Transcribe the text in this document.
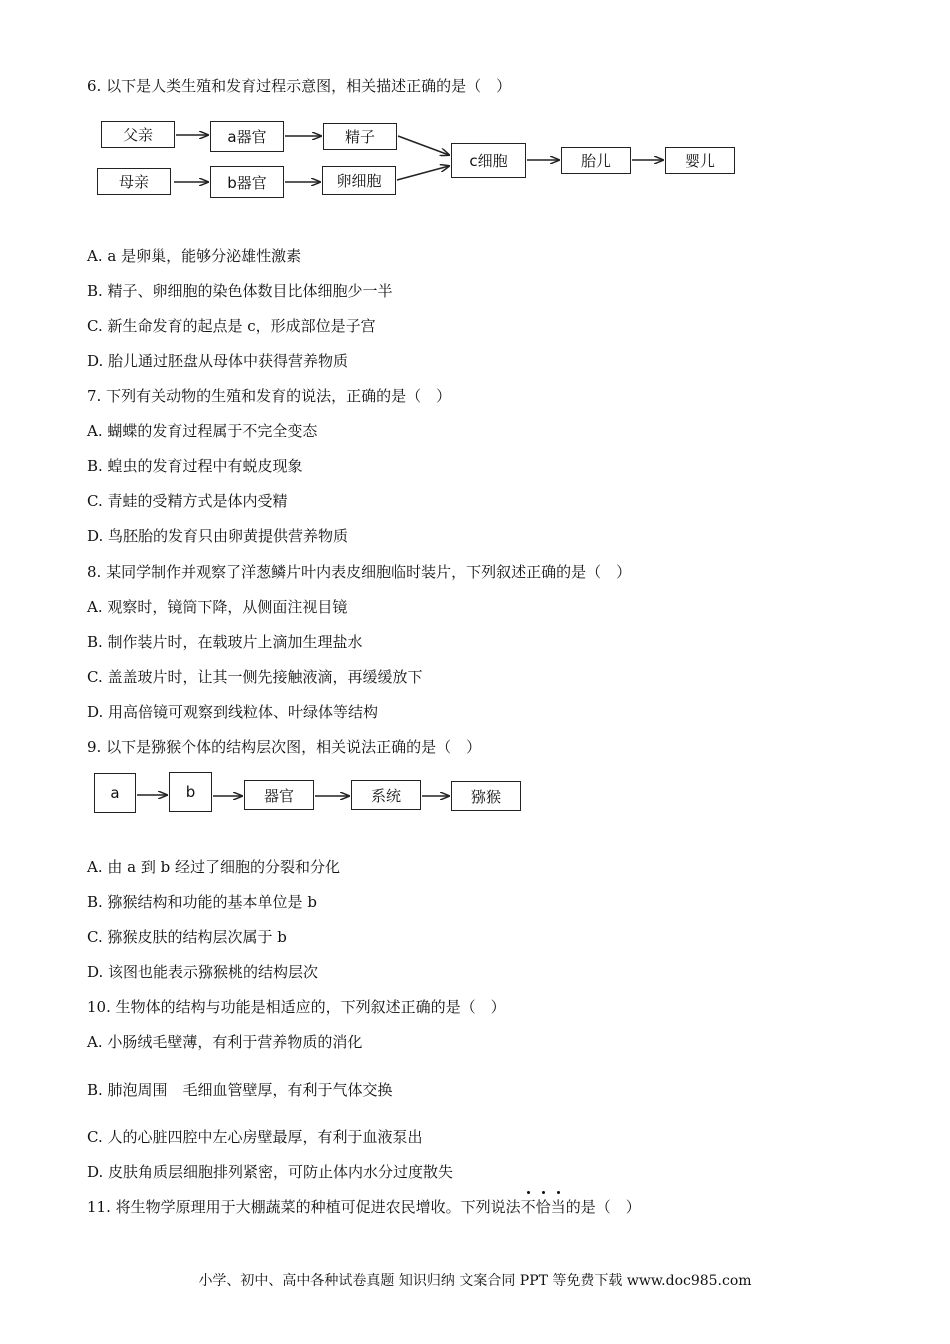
6. 以下是人类生殖和发育过程示意图，相关描述正确的是（　）
父亲	a器官	精子
母亲	b器官	卵细胞
c细胞	胎儿	婴儿
A. a 是卵巢，能够分泌雄性激素
B. 精子、卵细胞的染色体数目比体细胞少一半
C. 新生命发育的起点是 c，形成部位是子宫
D. 胎儿通过胚盘从母体中获得营养物质
7. 下列有关动物的生殖和发育的说法，正确的是（　）
A. 蝴蝶的发育过程属于不完全变态
B. 蝗虫的发育过程中有蜕皮现象
C. 青蛙的受精方式是体内受精
D. 鸟胚胎的发育只由卵黄提供营养物质
8. 某同学制作并观察了洋葱鳞片叶内表皮细胞临时装片，下列叙述正确的是（　）
A. 观察时，镜筒下降，从侧面注视目镜
B. 制作装片时，在载玻片上滴加生理盐水
C. 盖盖玻片时，让其一侧先接触液滴，再缓缓放下
D. 用高倍镜可观察到线粒体、叶绿体等结构
9. 以下是猕猴个体的结构层次图，相关说法正确的是（　）
a	b	器官	系统	猕猴
A. 由 a 到 b 经过了细胞的分裂和分化
B. 猕猴结构和功能的基本单位是 b
C. 猕猴皮肤的结构层次属于 b
D. 该图也能表示猕猴桃的结构层次
10. 生物体的结构与功能是相适应的，下列叙述正确的是（　）
A. 小肠绒毛壁薄，有利于营养物质的消化
B. 肺泡周围　毛细血管壁厚，有利于气体交换
C. 人的心脏四腔中左心房壁最厚，有利于血液泵出
D. 皮肤角质层细胞排列紧密，可防止体内水分过度散失
11. 将生物学原理用于大棚蔬菜的种植可促进农民增收。下列说法不恰当的是（　）
小学、初中、高中各种试卷真题 知识归纳 文案合同 PPT 等免费下载 www.doc985.com
